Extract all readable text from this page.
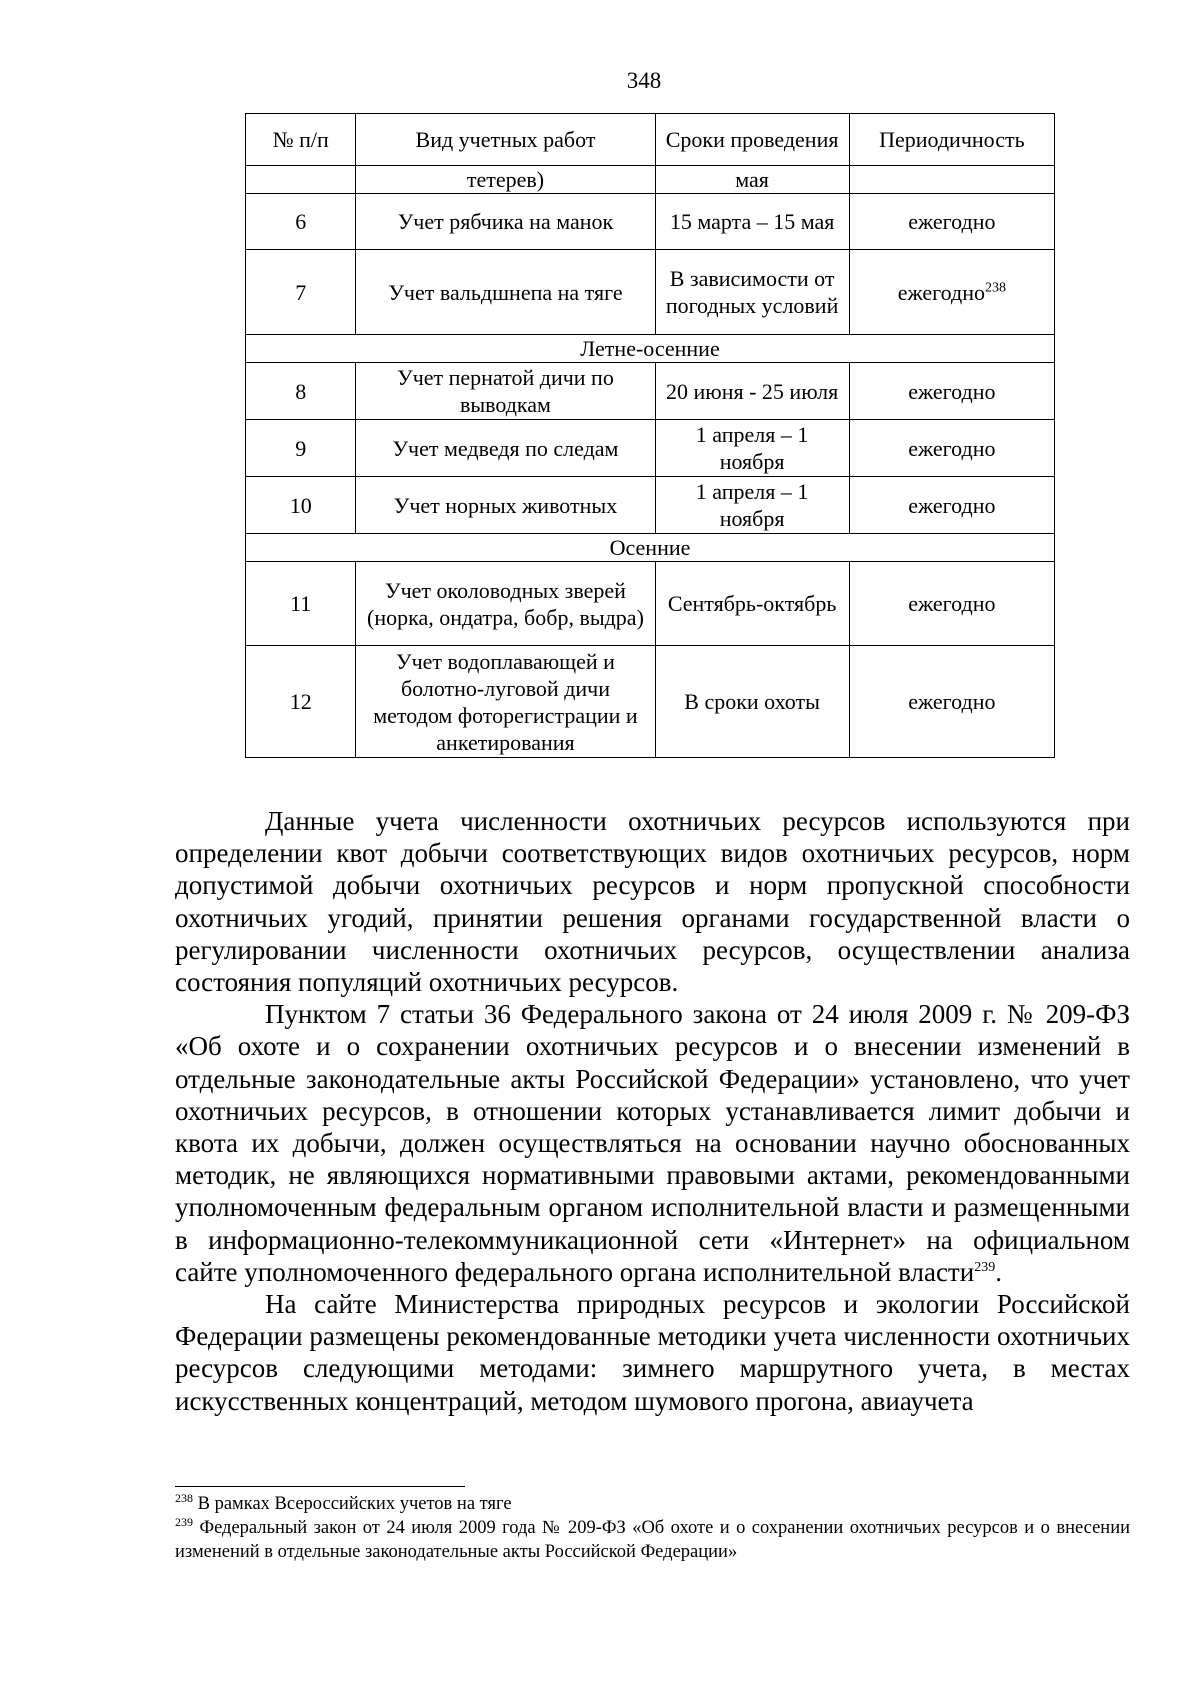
348
№ п/п	Вид учетных работ	Сроки проведения	Периодичность
	тетерев)	мая	
6	Учет рябчика на манок	15 марта – 15 мая	ежегодно
7	Учет вальдшнепа на тяге	В зависимости от погодных условий	ежегодно$^{238}$
Летне-осенние			
8	Учет пернатой дичи по выводкам	20 июня - 25 июля	ежегодно
9	Учет медведя по следам	1 апреля – 1 ноября	ежегодно
10	Учет норных животных	1 апреля – 1 ноября	ежегодно
Осенние			
11	Учет околоводных зверей (норка, ондатра, бобр, выдра)	Сентябрь-октябрь	ежегодно
12	Учет водоплавающей и болотно-луговой дичи методом фоторегистрации и анкетирования	В сроки охоты	ежегодно

Данные учета численности охотничьих ресурсов используются при определении квот добычи соответствующих видов охотничьих ресурсов, норм допустимой добычи охотничьих ресурсов и норм пропускной способности охотничьих угодий, принятии решения органами государственной власти о регулировании численности охотничьих ресурсов, осуществлении анализа состояния популяций охотничьих ресурсов.

Пунктом 7 статьи 36 Федерального закона от 24 июля 2009 г. № 209-ФЗ «Об охоте и о сохранении охотничьих ресурсов и о внесении изменений в отдельные законодательные акты Российской Федерации» установлено, что учет охотничьих ресурсов, в отношении которых устанавливается лимит добычи и квота их добычи, должен осуществляться на основании научно обоснованных методик, не являющихся нормативными правовыми актами, рекомендованными уполномоченным федеральным органом исполнительной власти и размещенными в информационно-телекоммуникационной сети «Интернет» на официальном сайте уполномоченного федерального органа исполнительной власти$^{239}$.

На сайте Министерства природных ресурсов и экологии Российской Федерации размещены рекомендованные методики учета численности охотничьих ресурсов следующими методами: зимнего маршрутного учета, в местах искусственных концентраций, методом шумового прогона, авиаучета

$^{238}$ В рамках Всероссийских учетов на тяге

$^{239}$ Федеральный закон от 24 июля 2009 года № 209-ФЗ «Об охоте и о сохранении охотничьих ресурсов и о внесении изменений в отдельные законодательные акты Российской Федерации»
